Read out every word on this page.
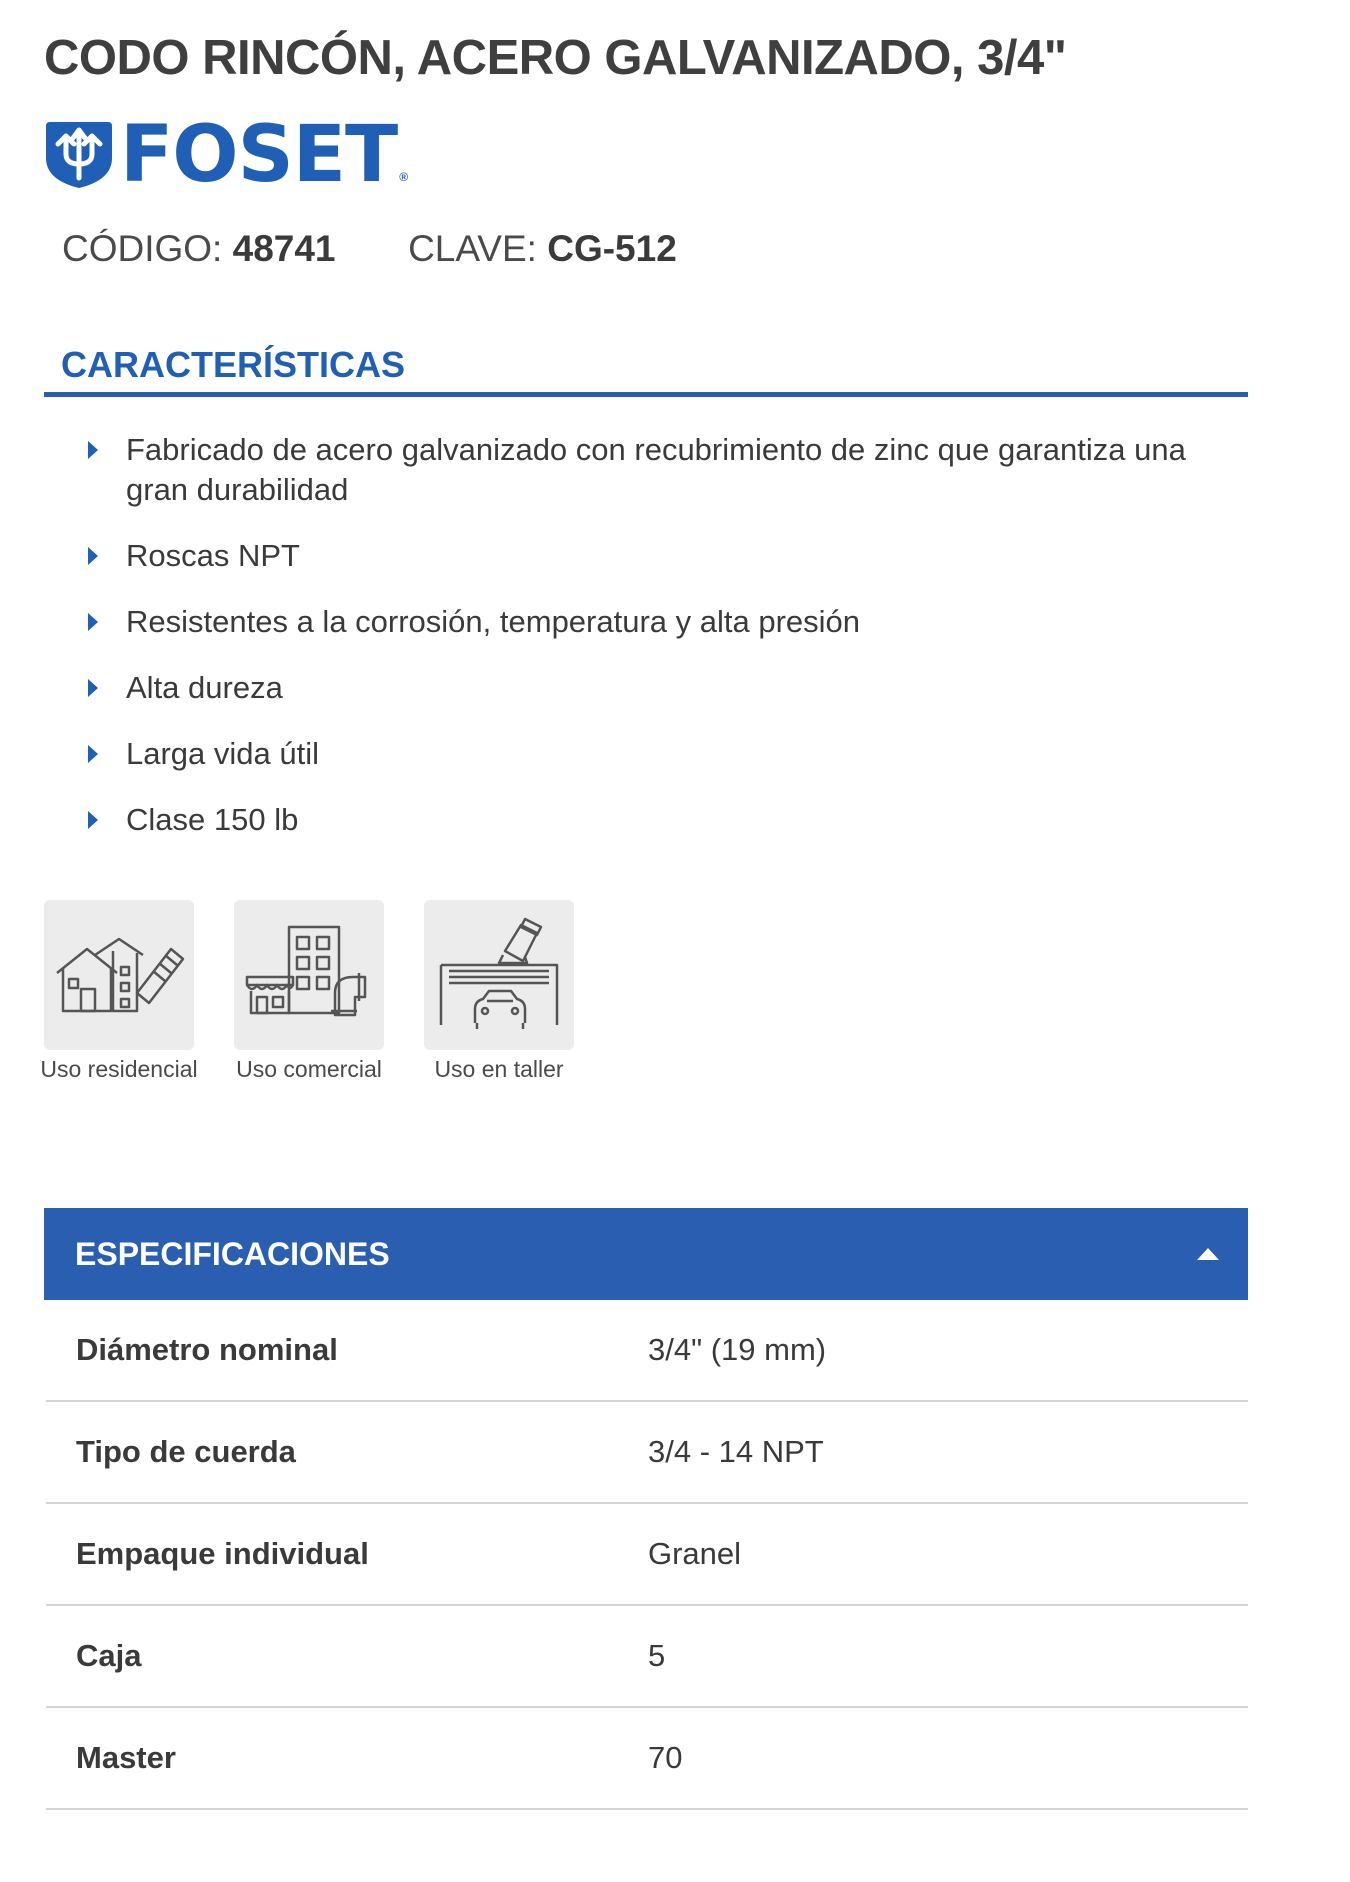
CODO RINCÓN, ACERO GALVANIZADO, 3/4"
FOSET ®
CÓDIGO: 48741 CLAVE: CG-512
CARACTERÍSTICAS
Fabricado de acero galvanizado con recubrimiento de zinc que garantiza una gran durabilidad
Roscas NPT
Resistentes a la corrosión, temperatura y alta presión
Alta dureza
Larga vida útil
Clase 150 lb
Uso residencial	Uso comercial	Uso en taller
ESPECIFICACIONES
Diámetro nominal	3/4" (19 mm)
Tipo de cuerda	3/4 - 14 NPT
Empaque individual	Granel
Caja	5
Master	70
